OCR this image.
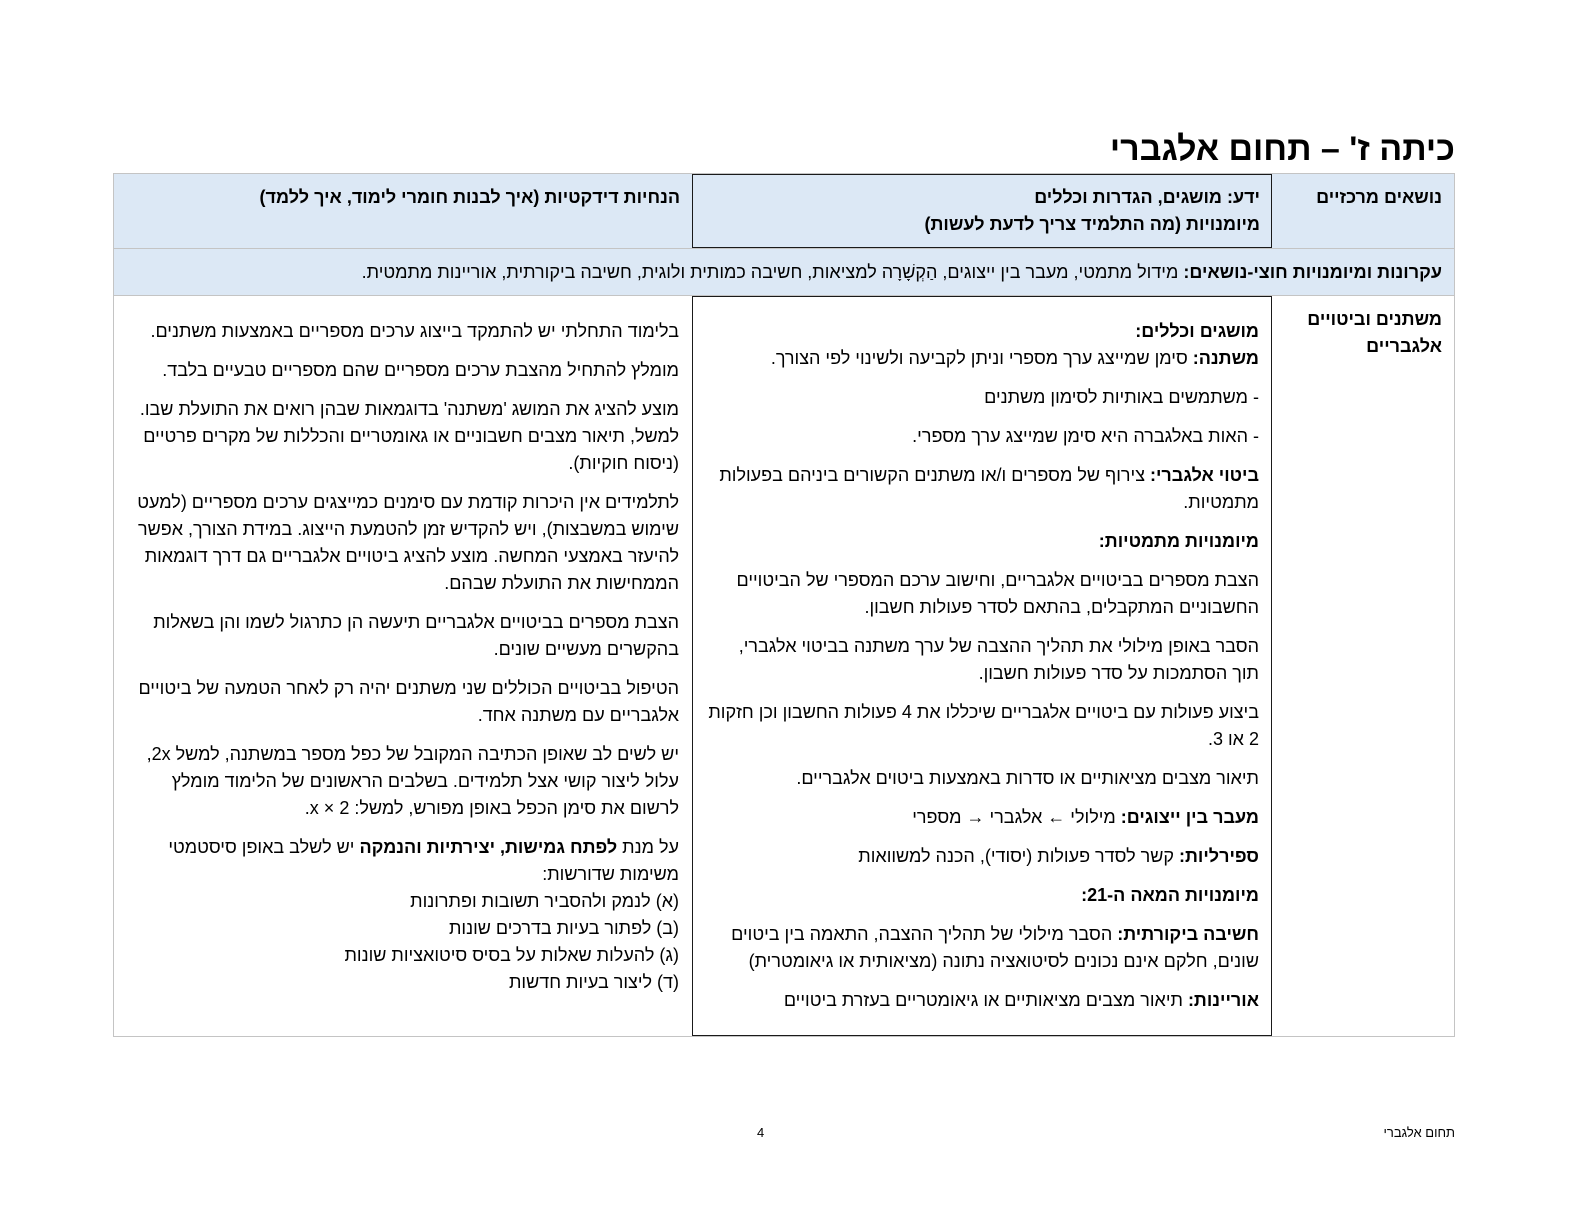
כיתה ז' – תחום אלגברי
נושאים מרכזיים
ידע: מושגים, הגדרות וכללים
מיומנויות (מה התלמיד צריך לדעת לעשות)
הנחיות דידקטיות (איך לבנות חומרי לימוד, איך ללמד)
עקרונות ומיומנויות חוצי-נושאים: מידול מתמטי, מעבר בין ייצוגים, הַקְשָׁרָה למציאות, חשיבה כמותית ולוגית, חשיבה ביקורתית, אוריינות מתמטית.
משתנים וביטויים אלגבריים

מושגים וכללים:
משתנה: סימן שמייצג ערך מספרי וניתן לקביעה ולשינוי לפי הצורך.

- משתמשים באותיות לסימון משתנים

- האות באלגברה היא סימן שמייצג ערך מספרי.

ביטוי אלגברי: צירוף של מספרים ו/או משתנים הקשורים ביניהם בפעולות מתמטיות.

מיומנויות מתמטיות:

הצבת מספרים בביטויים אלגבריים, וחישוב ערכם המספרי של הביטויים החשבוניים המתקבלים, בהתאם לסדר פעולות חשבון.

הסבר באופן מילולי את תהליך ההצבה של ערך משתנה בביטוי אלגברי, תוך הסתמכות על סדר פעולות חשבון.

ביצוע פעולות עם ביטויים אלגבריים שיכללו את 4 פעולות החשבון וכן חזקות 2 או 3.

תיאור מצבים מציאותיים או סדרות באמצעות ביטוים אלגבריים.

מעבר בין ייצוגים: מילולי ← אלגברי → מספרי

ספירליות: קשר לסדר פעולות (יסודי), הכנה למשוואות

מיומנויות המאה ה-21:

חשיבה ביקורתית: הסבר מילולי של תהליך ההצבה, התאמה בין ביטוים שונים, חלקם אינם נכונים לסיטואציה נתונה (מציאותית או גיאומטרית)

אוריינות: תיאור מצבים מציאותיים או גיאומטריים בעזרת ביטויים

בלימוד התחלתי יש להתמקד בייצוג ערכים מספריים באמצעות משתנים.

מומלץ להתחיל מהצבת ערכים מספריים שהם מספריים טבעיים בלבד.

מוצע להציג את המושג 'משתנה' בדוגמאות שבהן רואים את התועלת שבו. למשל, תיאור מצבים חשבוניים או גאומטריים והכללות של מקרים פרטיים (ניסוח חוקיות).

לתלמידים אין היכרות קודמת עם סימנים כמייצגים ערכים מספריים (למעט שימוש במשבצות), ויש להקדיש זמן להטמעת הייצוג. במידת הצורך, אפשר להיעזר באמצעי המחשה. מוצע להציג ביטויים אלגבריים גם דרך דוגמאות הממחישות את התועלת שבהם.

הצבת מספרים בביטויים אלגבריים תיעשה הן כתרגול לשמו והן בשאלות בהקשרים מעשיים שונים.

הטיפול בביטויים הכוללים שני משתנים יהיה רק לאחר הטמעה של ביטויים אלגבריים עם משתנה אחד.

יש לשים לב שאופן הכתיבה המקובל של כפל מספר במשתנה, למשל 2x, עלול ליצור קושי אצל תלמידים. בשלבים הראשונים של הלימוד מומלץ לרשום את סימן הכפל באופן מפורש, למשל: 2 × x.

על מנת לפתח גמישות, יצירתיות והנמקה יש לשלב באופן סיסטמטי משימות שדורשות:
(א) לנמק ולהסביר תשובות ופתרונות
(ב) לפתור בעיות בדרכים שונות
(ג) להעלות שאלות על בסיס סיטואציות שונות
(ד) ליצור בעיות חדשות

4	תחום אלגברי
